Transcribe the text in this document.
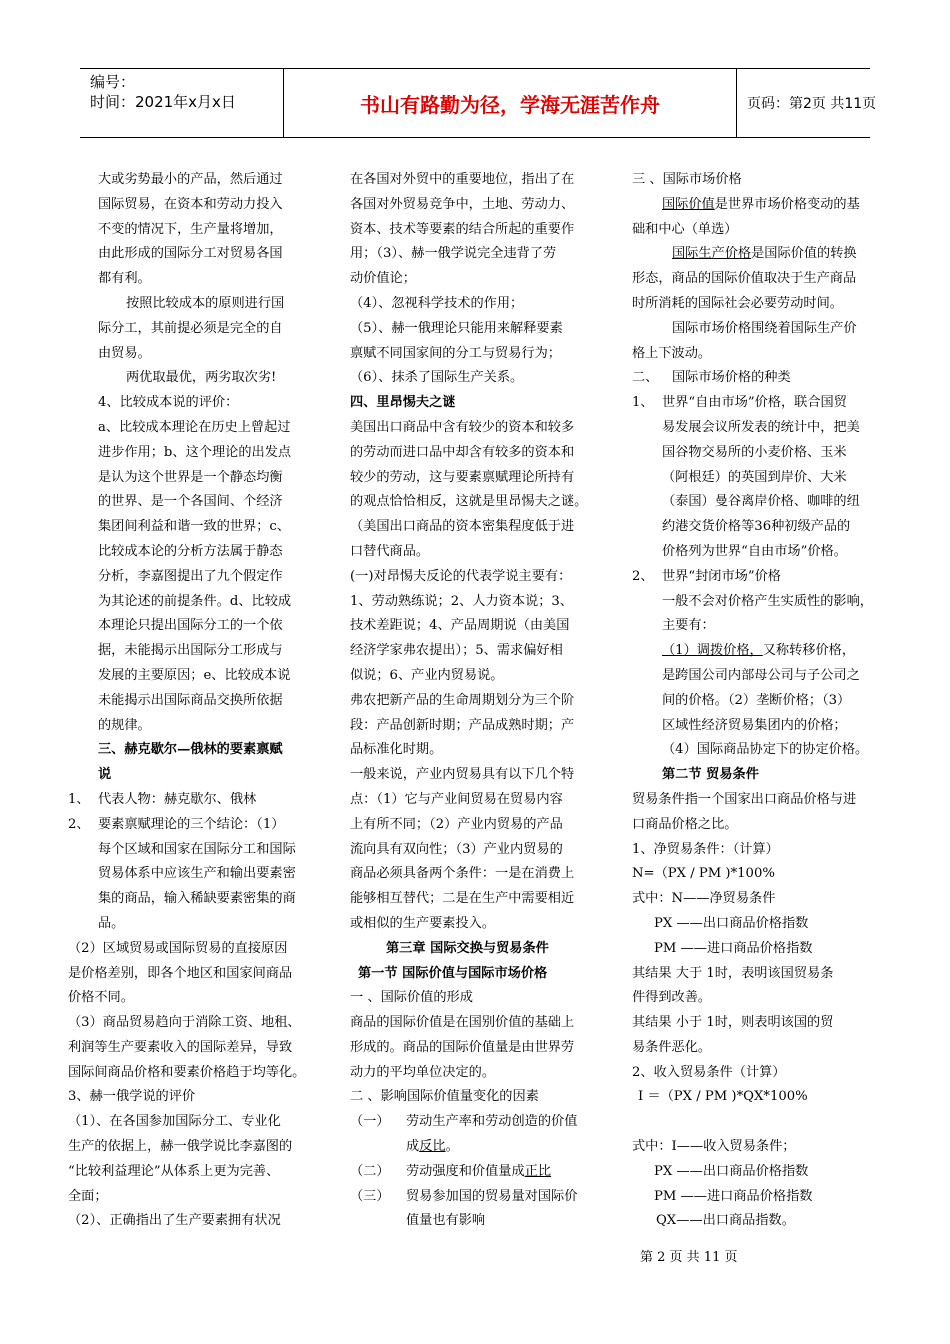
编号：
时间：2021年x月x日	书山有路勤为径，学海无涯苦作舟	页码：第2页 共11页
大或劣势最小的产品，然后通过
国际贸易，在资本和劳动力投入
不变的情况下，生产量将增加，
由此形成的国际分工对贸易各国
都有利。
按照比较成本的原则进行国
际分工，其前提必须是完全的自
由贸易。
两优取最优，两劣取次劣!
4、比较成本说的评价：
a、比较成本理论在历史上曾起过
进步作用；b、这个理论的出发点
是认为这个世界是一个静态均衡
的世界、是一个各国间、个经济
集团间利益和谐一致的世界；c、
比较成本论的分析方法属于静态
分析，李嘉图提出了九个假定作
为其论述的前提条件。d、比较成
本理论只提出国际分工的一个依
据，未能揭示出国际分工形成与
发展的主要原因；e、比较成本说
未能揭示出国际商品交换所依据
的规律。
三、赫克歇尔—俄林的要素禀赋
说
1、 代表人物：赫克歇尔、俄林
2、 要素禀赋理论的三个结论：（1）
每个区域和国家在国际分工和国际
贸易体系中应该生产和输出要素密
集的商品，输入稀缺要素密集的商
品。
（2）区域贸易或国际贸易的直接原因
是价格差别，即各个地区和国家间商品
价格不同。
（3）商品贸易趋向于消除工资、地租、
利润等生产要素收入的国际差异，导致
国际间商品价格和要素价格趋于均等化。
3、赫一俄学说的评价
（1）、在各国参加国际分工、专业化
生产的依据上，赫一俄学说比李嘉图的
“比较利益理论”从体系上更为完善、
全面；
（2）、正确指出了生产要素拥有状况
在各国对外贸中的重要地位，指出了在
各国对外贸易竞争中，土地、劳动力、
资本、技术等要素的结合所起的重要作
用；（3）、赫一俄学说完全违背了劳
动价值论；
（4）、忽视科学技术的作用；
（5）、赫一俄理论只能用来解释要素
禀赋不同国家间的分工与贸易行为；
（6）、抹杀了国际生产关系。
四、里昂惕夫之谜
美国出口商品中含有较少的资本和较多
的劳动而进口品中却含有较多的资本和
较少的劳动，这与要素禀赋理论所持有
的观点恰恰相反，这就是里昂惕夫之谜。
（美国出口商品的资本密集程度低于进
口替代商品。
(一)对昂惕夫反论的代表学说主要有：
1、劳动熟练说；2、人力资本说；3、
技术差距说；4、产品周期说（由美国
经济学家弗农提出）；5、需求偏好相
似说；6、产业内贸易说。
弗农把新产品的生命周期划分为三个阶
段：产品创新时期；产品成熟时期；产
品标准化时期。
一般来说，产业内贸易具有以下几个特
点：（1）它与产业间贸易在贸易内容
上有所不同；（2）产业内贸易的产品
流向具有双向性；（3）产业内贸易的
商品必须具备两个条件：一是在消费上
能够相互替代；二是在生产中需要相近
或相似的生产要素投入。
第三章 国际交换与贸易条件
第一节 国际价值与国际市场价格
一 、国际价值的形成
商品的国际价值是在国别价值的基础上
形成的。商品的国际价值量是由世界劳
动力的平均单位决定的。
二 、影响国际价值量变化的因素
（一） 劳动生产率和劳动创造的价值
成反比。
（二） 劳动强度和价值量成正比
（三） 贸易参加国的贸易量对国际价
值量也有影响
三 、国际市场价格
国际价值是世界市场价格变动的基
础和中心（单选）
国际生产价格是国际价值的转换
形态，商品的国际价值取决于生产商品
时所消耗的国际社会必要劳动时间。
国际市场价格围绕着国际生产价
格上下波动。
二、 国际市场价格的种类
1、 世界“自由市场”价格，联合国贸
易发展会议所发表的统计中，把美
国谷物交易所的小麦价格、玉米
（阿根廷）的英国到岸价、大米
（泰国）曼谷离岸价格、咖啡的纽
约港交货价格等36种初级产品的
价格列为世界“自由市场”价格。
2、 世界“封闭市场”价格
一般不会对价格产生实质性的影响，
主要有：
（1）调拨价格，又称转移价格，
是跨国公司内部母公司与子公司之
间的价格。（2）垄断价格；（3）
区域性经济贸易集团内的价格；
（4）国际商品协定下的协定价格。
第二节 贸易条件
贸易条件指一个国家出口商品价格与进
口商品价格之比。
1、净贸易条件：（计算）
N=（PX / PM )*100%
式中：N——净贸易条件
PX ——出口商品价格指数
PM ——进口商品价格指数
其结果 大于 1时，表明该国贸易条
件得到改善。
其结果 小于 1时，则表明该国的贸
易条件恶化。
2、收入贸易条件（计算）
I ＝（PX / PM )*QX*100%
式中：I——收入贸易条件；
PX ——出口商品价格指数
PM ——进口商品价格指数
QX——出口商品指数。
第 2 页 共 11 页
